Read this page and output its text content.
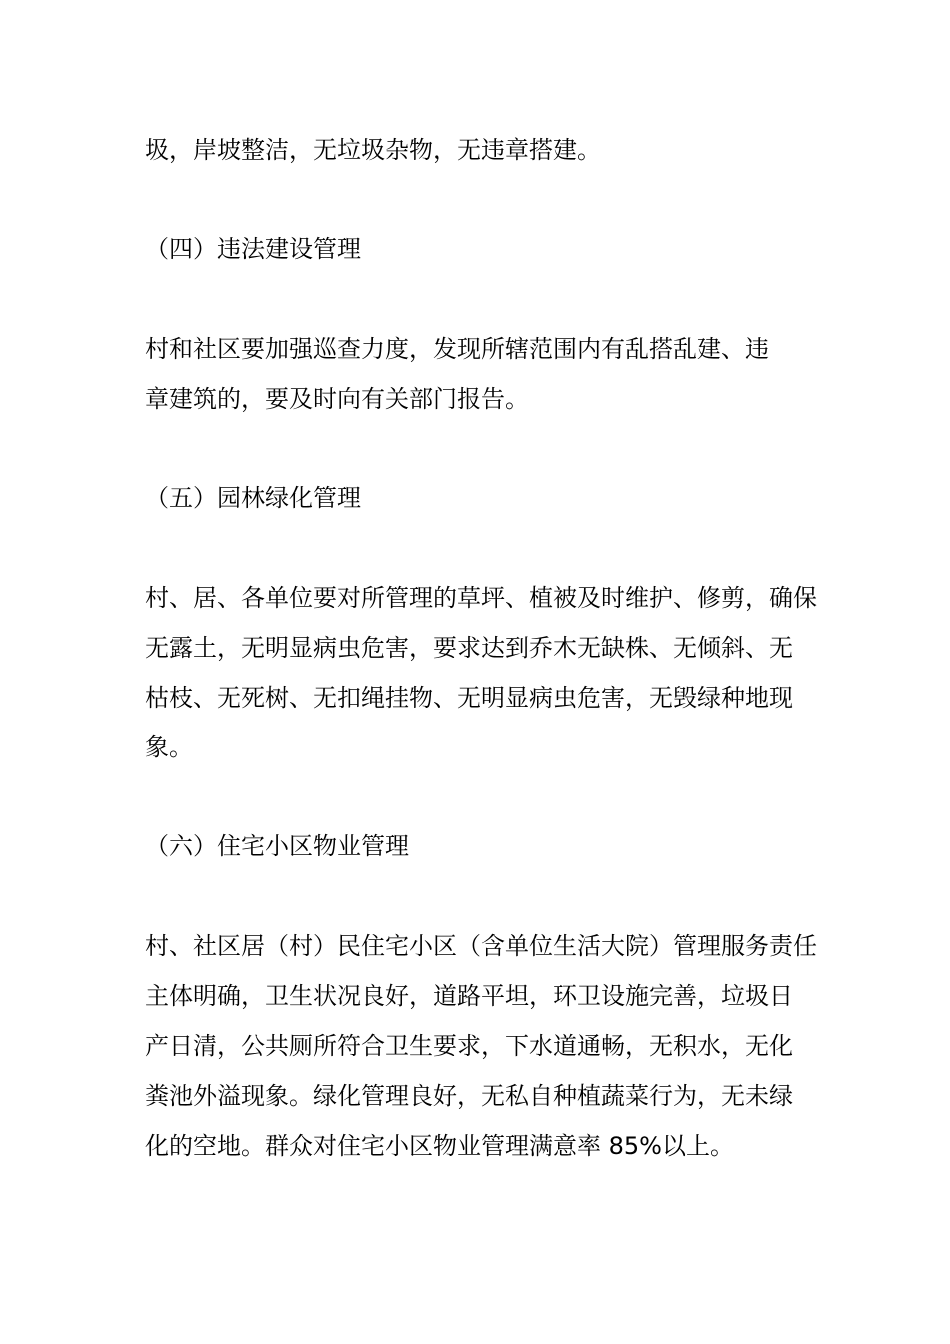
圾，岸坡整洁，无垃圾杂物，无违章搭建。

（四）违法建设管理

村和社区要加强巡查力度，发现所辖范围内有乱搭乱建、违

章建筑的，要及时向有关部门报告。

（五）园林绿化管理

村、居、各单位要对所管理的草坪、植被及时维护、修剪，确保

无露土，无明显病虫危害，要求达到乔木无缺株、无倾斜、无

枯枝、无死树、无扣绳挂物、无明显病虫危害，无毁绿种地现

象。

（六）住宅小区物业管理

村、社区居（村）民住宅小区（含单位生活大院）管理服务责任

主体明确，卫生状况良好，道路平坦，环卫设施完善，垃圾日

产日清，公共厕所符合卫生要求，下水道通畅，无积水，无化

粪池外溢现象。绿化管理良好，无私自种植蔬菜行为，无未绿

化的空地。群众对住宅小区物业管理满意率 85%以上。
